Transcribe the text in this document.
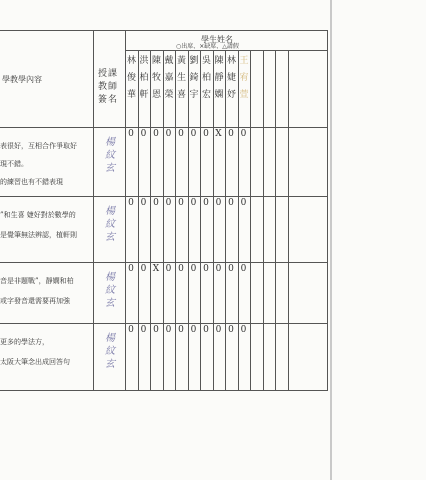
學教學內容
學生姓名
○出席、×缺席、△請假
授課
教師
簽名
林
俊
華
洪
柏
軒
陳
牧
恩
戴
嘉
榮
黃
生
喜
劉
錡
宇
吳
柏
宏
陳
靜
嫻
林
婕
妤
王
宥
萱
表很好，互相合作爭取好
現不錯。
的練習也有不錯表現
楊
紋
玄
0 0 0 0 0 0 0 X 0 0
”和生喜 婕好對於數學的
是覺筆無法辨認，植軒則
楊
紋
玄
0 0 0 0 0 0 0 0 0 0
音是非題戰”，靜嫻和柏
或字發音還需要再加強
楊
紋
玄
0 0 X 0 0 0 0 0 0 0
更多的學法方，
太阪大筆念出成回答句
楊
紋
玄
0 0 0 0 0 0 0 0 0 0
